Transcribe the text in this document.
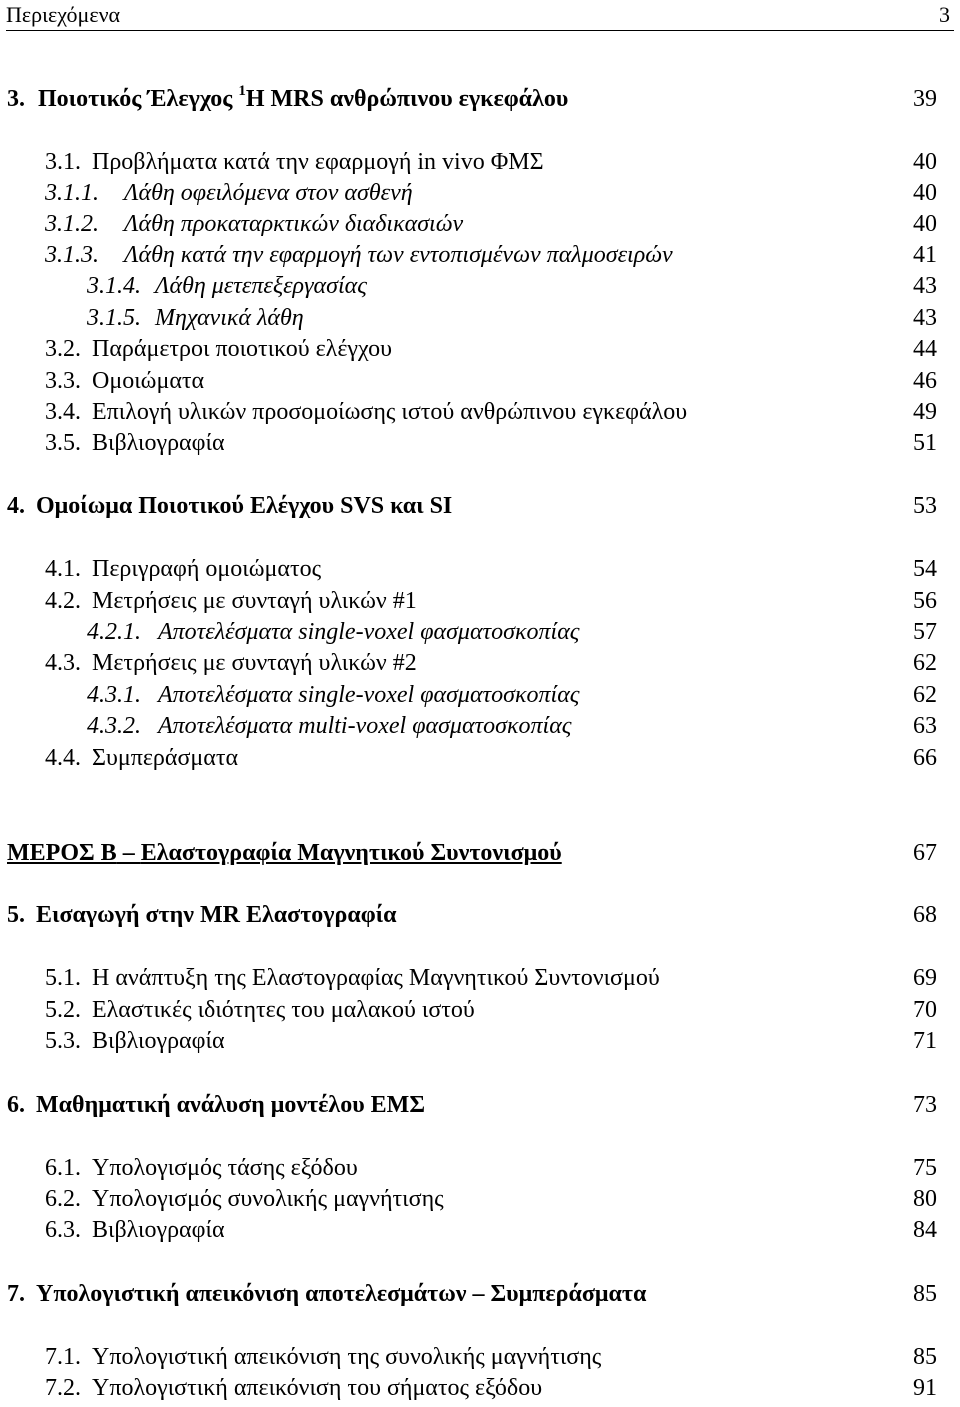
Περιεχόμενα	3
3. Ποιοτικός Έλεγχος $^1$H MRS ανθρώπινου εγκεφάλου	39
3.1. Προβλήματα κατά την εφαρμογή in vivo ΦΜΣ	40
3.1.1. Λάθη οφειλόμενα στον ασθενή	40
3.1.2. Λάθη προκαταρκτικών διαδικασιών	40
3.1.3. Λάθη κατά την εφαρμογή των εντοπισμένων παλμοσειρών	41
3.1.4. Λάθη μετεπεξεργασίας	43
3.1.5. Μηχανικά λάθη	43
3.2. Παράμετροι ποιοτικού ελέγχου	44
3.3. Ομοιώματα	46
3.4. Επιλογή υλικών προσομοίωσης ιστού ανθρώπινου εγκεφάλου	49
3.5. Βιβλιογραφία	51
4. Ομοίωμα Ποιοτικού Ελέγχου SVS και SI	53
4.1. Περιγραφή ομοιώματος	54
4.2. Μετρήσεις με συνταγή υλικών #1	56
4.2.1. Αποτελέσματα single-voxel φασματοσκοπίας	57
4.3. Μετρήσεις με συνταγή υλικών #2	62
4.3.1. Αποτελέσματα single-voxel φασματοσκοπίας	62
4.3.2. Αποτελέσματα multi-voxel φασματοσκοπίας	63
4.4. Συμπεράσματα	66
ΜΕΡΟΣ Β – Ελαστογραφία Μαγνητικού Συντονισμού	67
5. Εισαγωγή στην MR Ελαστογραφία	68
5.1. Η ανάπτυξη της Ελαστογραφίας Μαγνητικού Συντονισμού	69
5.2. Ελαστικές ιδιότητες του μαλακού ιστού	70
5.3. Βιβλιογραφία	71
6. Μαθηματική ανάλυση μοντέλου ΕΜΣ	73
6.1. Υπολογισμός τάσης εξόδου	75
6.2. Υπολογισμός συνολικής μαγνήτισης	80
6.3. Βιβλιογραφία	84
7. Υπολογιστική απεικόνιση αποτελεσμάτων – Συμπεράσματα	85
7.1. Υπολογιστική απεικόνιση της συνολικής μαγνήτισης	85
7.2. Υπολογιστική απεικόνιση του σήματος εξόδου	91
